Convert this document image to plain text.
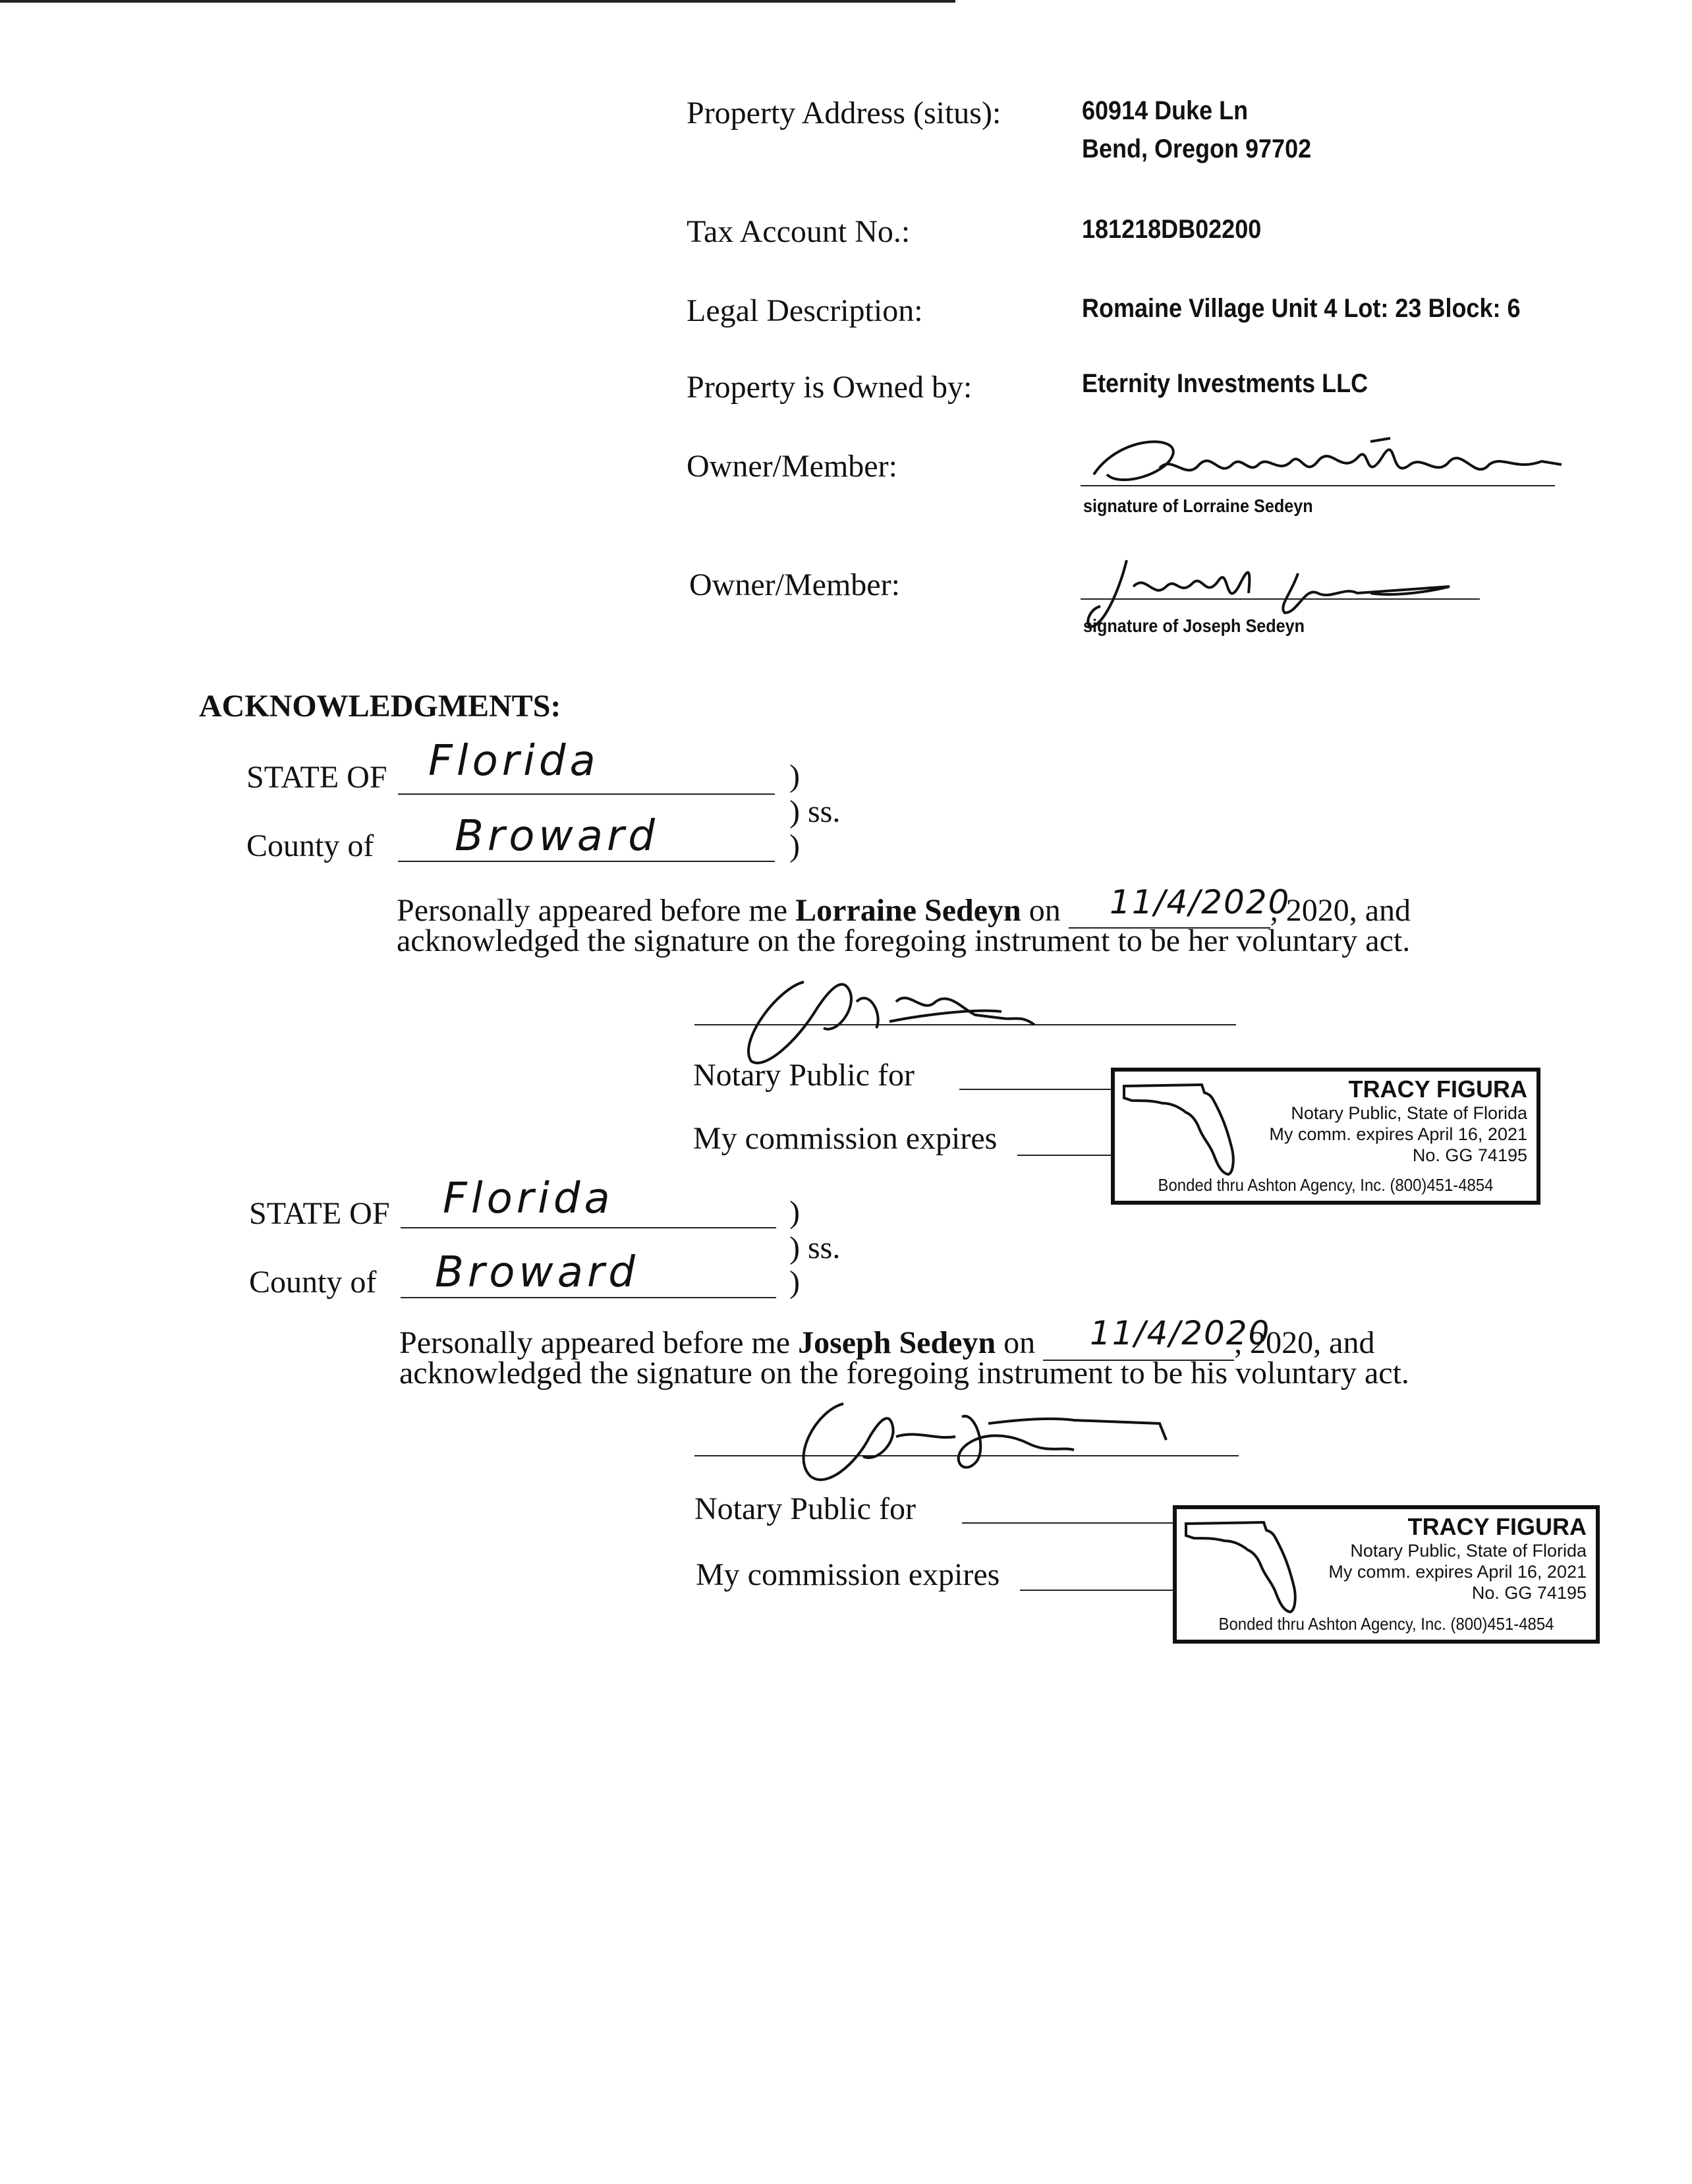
Property Address (situs):	60914 Duke Ln
Bend, Oregon 97702
Tax Account No.:	181218DB02200
Legal Description:	Romaine Village Unit 4 Lot: 23 Block: 6
Property is Owned by:	Eternity Investments LLC
Owner/Member:
signature of Lorraine Sedeyn
Owner/Member:
signature of Joseph Sedeyn
ACKNOWLEDGMENTS:
STATE OF Florida	)
) ss.
County of Broward	)
Personally appeared before me Lorraine Sedeyn on	, 2020, and
11/4/2020
acknowledged the signature on the foregoing instrument to be her voluntary act.
Notary Public for
My commission expires
TRACY FIGURA
Notary Public, State of Florida
My comm. expires April 16, 2021
No. GG 74195
Bonded thru Ashton Agency, Inc. (800)451-4854
STATE OF Florida	)
) ss.
County of Broward	)
Personally appeared before me Joseph Sedeyn on	, 2020, and
11/4/2020
acknowledged the signature on the foregoing instrument to be his voluntary act.
Notary Public for
My commission expires
TRACY FIGURA
Notary Public, State of Florida
My comm. expires April 16, 2021
No. GG 74195
Bonded thru Ashton Agency, Inc. (800)451-4854
